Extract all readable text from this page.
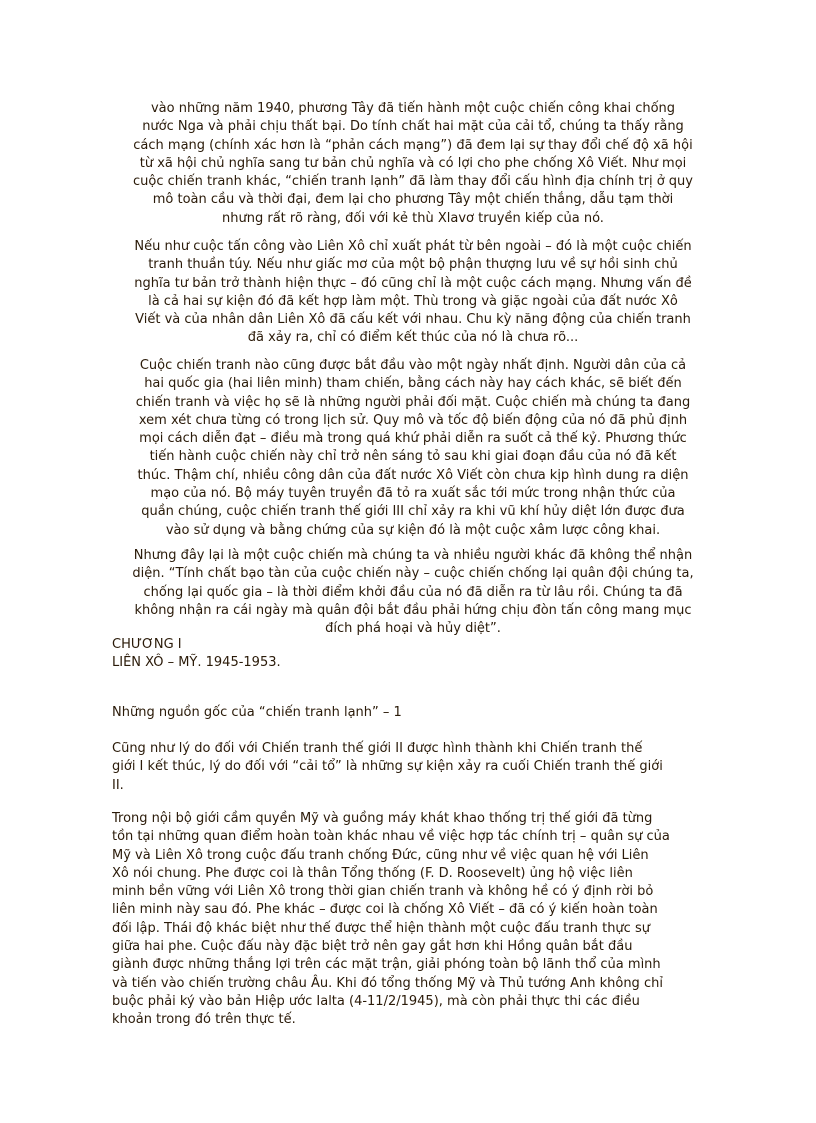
vào những năm 1940, phương Tây đã tiến hành một cuộc chiến công khai chống
nước Nga và phải chịu thất bại. Do tính chất hai mặt của cải tổ, chúng ta thấy rằng
cách mạng (chính xác hơn là “phản cách mạng”) đã đem lại sự thay đổi chế độ xã hội
từ xã hội chủ nghĩa sang tư bản chủ nghĩa và có lợi cho phe chống Xô Viết. Như mọi
cuộc chiến tranh khác, “chiến tranh lạnh” đã làm thay đổi cấu hình địa chính trị ở quy
mô toàn cầu và thời đại, đem lại cho phương Tây một chiến thắng, dẫu tạm thời
nhưng rất rõ ràng, đối với kẻ thù Xlavơ truyền kiếp của nó.
Nếu như cuộc tấn công vào Liên Xô chỉ xuất phát từ bên ngoài – đó là một cuộc chiến
tranh thuần túy. Nếu như giấc mơ của một bộ phận thượng lưu về sự hồi sinh chủ
nghĩa tư bản trở thành hiện thực – đó cũng chỉ là một cuộc cách mạng. Nhưng vấn đề
là cả hai sự kiện đó đã kết hợp làm một. Thù trong và giặc ngoài của đất nước Xô
Viết và của nhân dân Liên Xô đã cấu kết với nhau. Chu kỳ năng động của chiến tranh
đã xảy ra, chỉ có điểm kết thúc của nó là chưa rõ...
Cuộc chiến tranh nào cũng được bắt đầu vào một ngày nhất định. Người dân của cả
hai quốc gia (hai liên minh) tham chiến, bằng cách này hay cách khác, sẽ biết đến
chiến tranh và việc họ sẽ là những người phải đối mặt. Cuộc chiến mà chúng ta đang
xem xét chưa từng có trong lịch sử. Quy mô và tốc độ biến động của nó đã phủ định
mọi cách diễn đạt – điều mà trong quá khứ phải diễn ra suốt cả thế kỷ. Phương thức
tiến hành cuộc chiến này chỉ trở nên sáng tỏ sau khi giai đoạn đầu của nó đã kết
thúc. Thậm chí, nhiều công dân của đất nước Xô Viết còn chưa kịp hình dung ra diện
mạo của nó. Bộ máy tuyên truyền đã tỏ ra xuất sắc tới mức trong nhận thức của
quần chúng, cuộc chiến tranh thế giới III chỉ xảy ra khi vũ khí hủy diệt lớn được đưa
vào sử dụng và bằng chứng của sự kiện đó là một cuộc xâm lược công khai.
Nhưng đây lại là một cuộc chiến mà chúng ta và nhiều người khác đã không thể nhận
diện. “Tính chất bạo tàn của cuộc chiến này – cuộc chiến chống lại quân đội chúng ta,
chống lại quốc gia – là thời điểm khởi đầu của nó đã diễn ra từ lâu rồi. Chúng ta đã
không nhận ra cái ngày mà quân đội bắt đầu phải hứng chịu đòn tấn công mang mục
đích phá hoại và hủy diệt”.
CHƯƠNG I
LIÊN XÔ – MỸ. 1945-1953.
Những nguồn gốc của “chiến tranh lạnh” – 1
Cũng như lý do đối với Chiến tranh thế giới II được hình thành khi Chiến tranh thế
giới I kết thúc, lý do đối với “cải tổ” là những sự kiện xảy ra cuối Chiến tranh thế giới
II.
Trong nội bộ giới cầm quyền Mỹ và guồng máy khát khao thống trị thế giới đã từng
tồn tại những quan điểm hoàn toàn khác nhau về việc hợp tác chính trị – quân sự của
Mỹ và Liên Xô trong cuộc đấu tranh chống Đức, cũng như về việc quan hệ với Liên
Xô nói chung. Phe được coi là thân Tổng thống (F. D. Roosevelt) ủng hộ việc liên
minh bền vững với Liên Xô trong thời gian chiến tranh và không hề có ý định rời bỏ
liên minh này sau đó. Phe khác – được coi là chống Xô Viết – đã có ý kiến hoàn toàn
đối lập. Thái độ khác biệt như thế được thể hiện thành một cuộc đấu tranh thực sự
giữa hai phe. Cuộc đấu này đặc biệt trở nên gay gắt hơn khi Hồng quân bắt đầu
giành được những thắng lợi trên các mặt trận, giải phóng toàn bộ lãnh thổ của mình
và tiến vào chiến trường châu Âu. Khi đó tổng thống Mỹ và Thủ tướng Anh không chỉ
buộc phải ký vào bản Hiệp ước Ialta (4-11/2/1945), mà còn phải thực thi các điều
khoản trong đó trên thực tế.
